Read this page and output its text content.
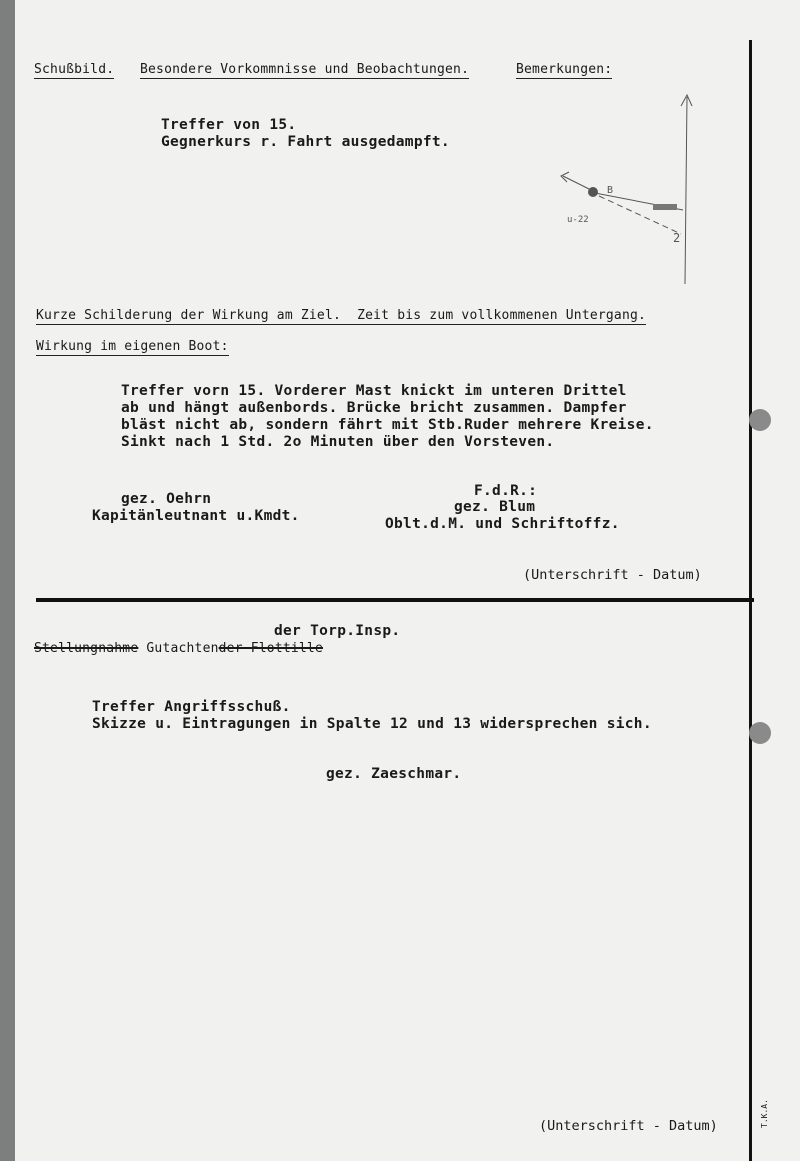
Schußbild. Besondere Vorkommnisse und Beobachtungen.	Bemerkungen:
Treffer von 15.
Gegnerkurs r. Fahrt ausgedampft.
B
u-22
2
Kurze Schilderung der Wirkung am Ziel.  Zeit bis zum vollkommenen Untergang.
Wirkung im eigenen Boot:
Treffer vorn 15. Vorderer Mast knickt im unteren Drittel
ab und hängt außenbords. Brücke bricht zusammen. Dampfer
bläst nicht ab, sondern fährt mit Stb.Ruder mehrere Kreise.
Sinkt nach 1 Std. 2o Minuten über den Vorsteven.
gez. Oehrn
Kapitänleutnant u.Kmdt.
F.d.R.:
gez. Blum
Oblt.d.M. und Schriftoffz.
(Unterschrift - Datum)
der Torp.Insp.
Stellungnahme Gutachtender Flottille
Treffer Angriffsschuß.
Skizze u. Eintragungen in Spalte 12 und 13 widersprechen sich.
gez. Zaeschmar.
(Unterschrift - Datum)	T.K.A.
